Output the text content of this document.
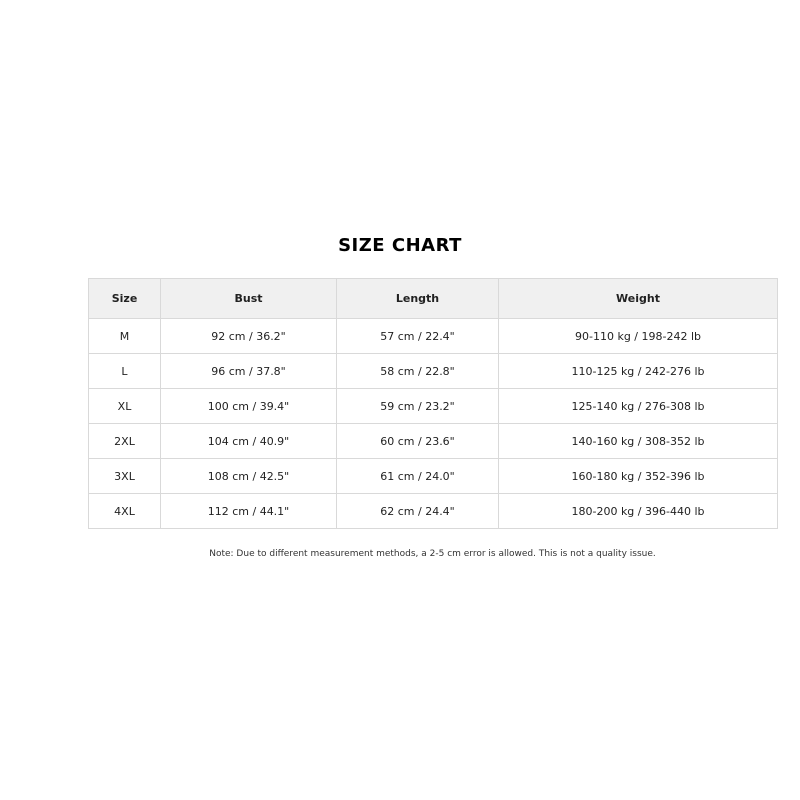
SIZE CHART
Size	Bust	Length	Weight
M	92 cm / 36.2"	57 cm / 22.4"	90-110 kg / 198-242 lb
L	96 cm / 37.8"	58 cm / 22.8"	110-125 kg / 242-276 lb
XL	100 cm / 39.4"	59 cm / 23.2"	125-140 kg / 276-308 lb
2XL	104 cm / 40.9"	60 cm / 23.6"	140-160 kg / 308-352 lb
3XL	108 cm / 42.5"	61 cm / 24.0"	160-180 kg / 352-396 lb
4XL	112 cm / 44.1"	62 cm / 24.4"	180-200 kg / 396-440 lb
Note: Due to different measurement methods, a 2-5 cm error is allowed. This is not a quality issue.
